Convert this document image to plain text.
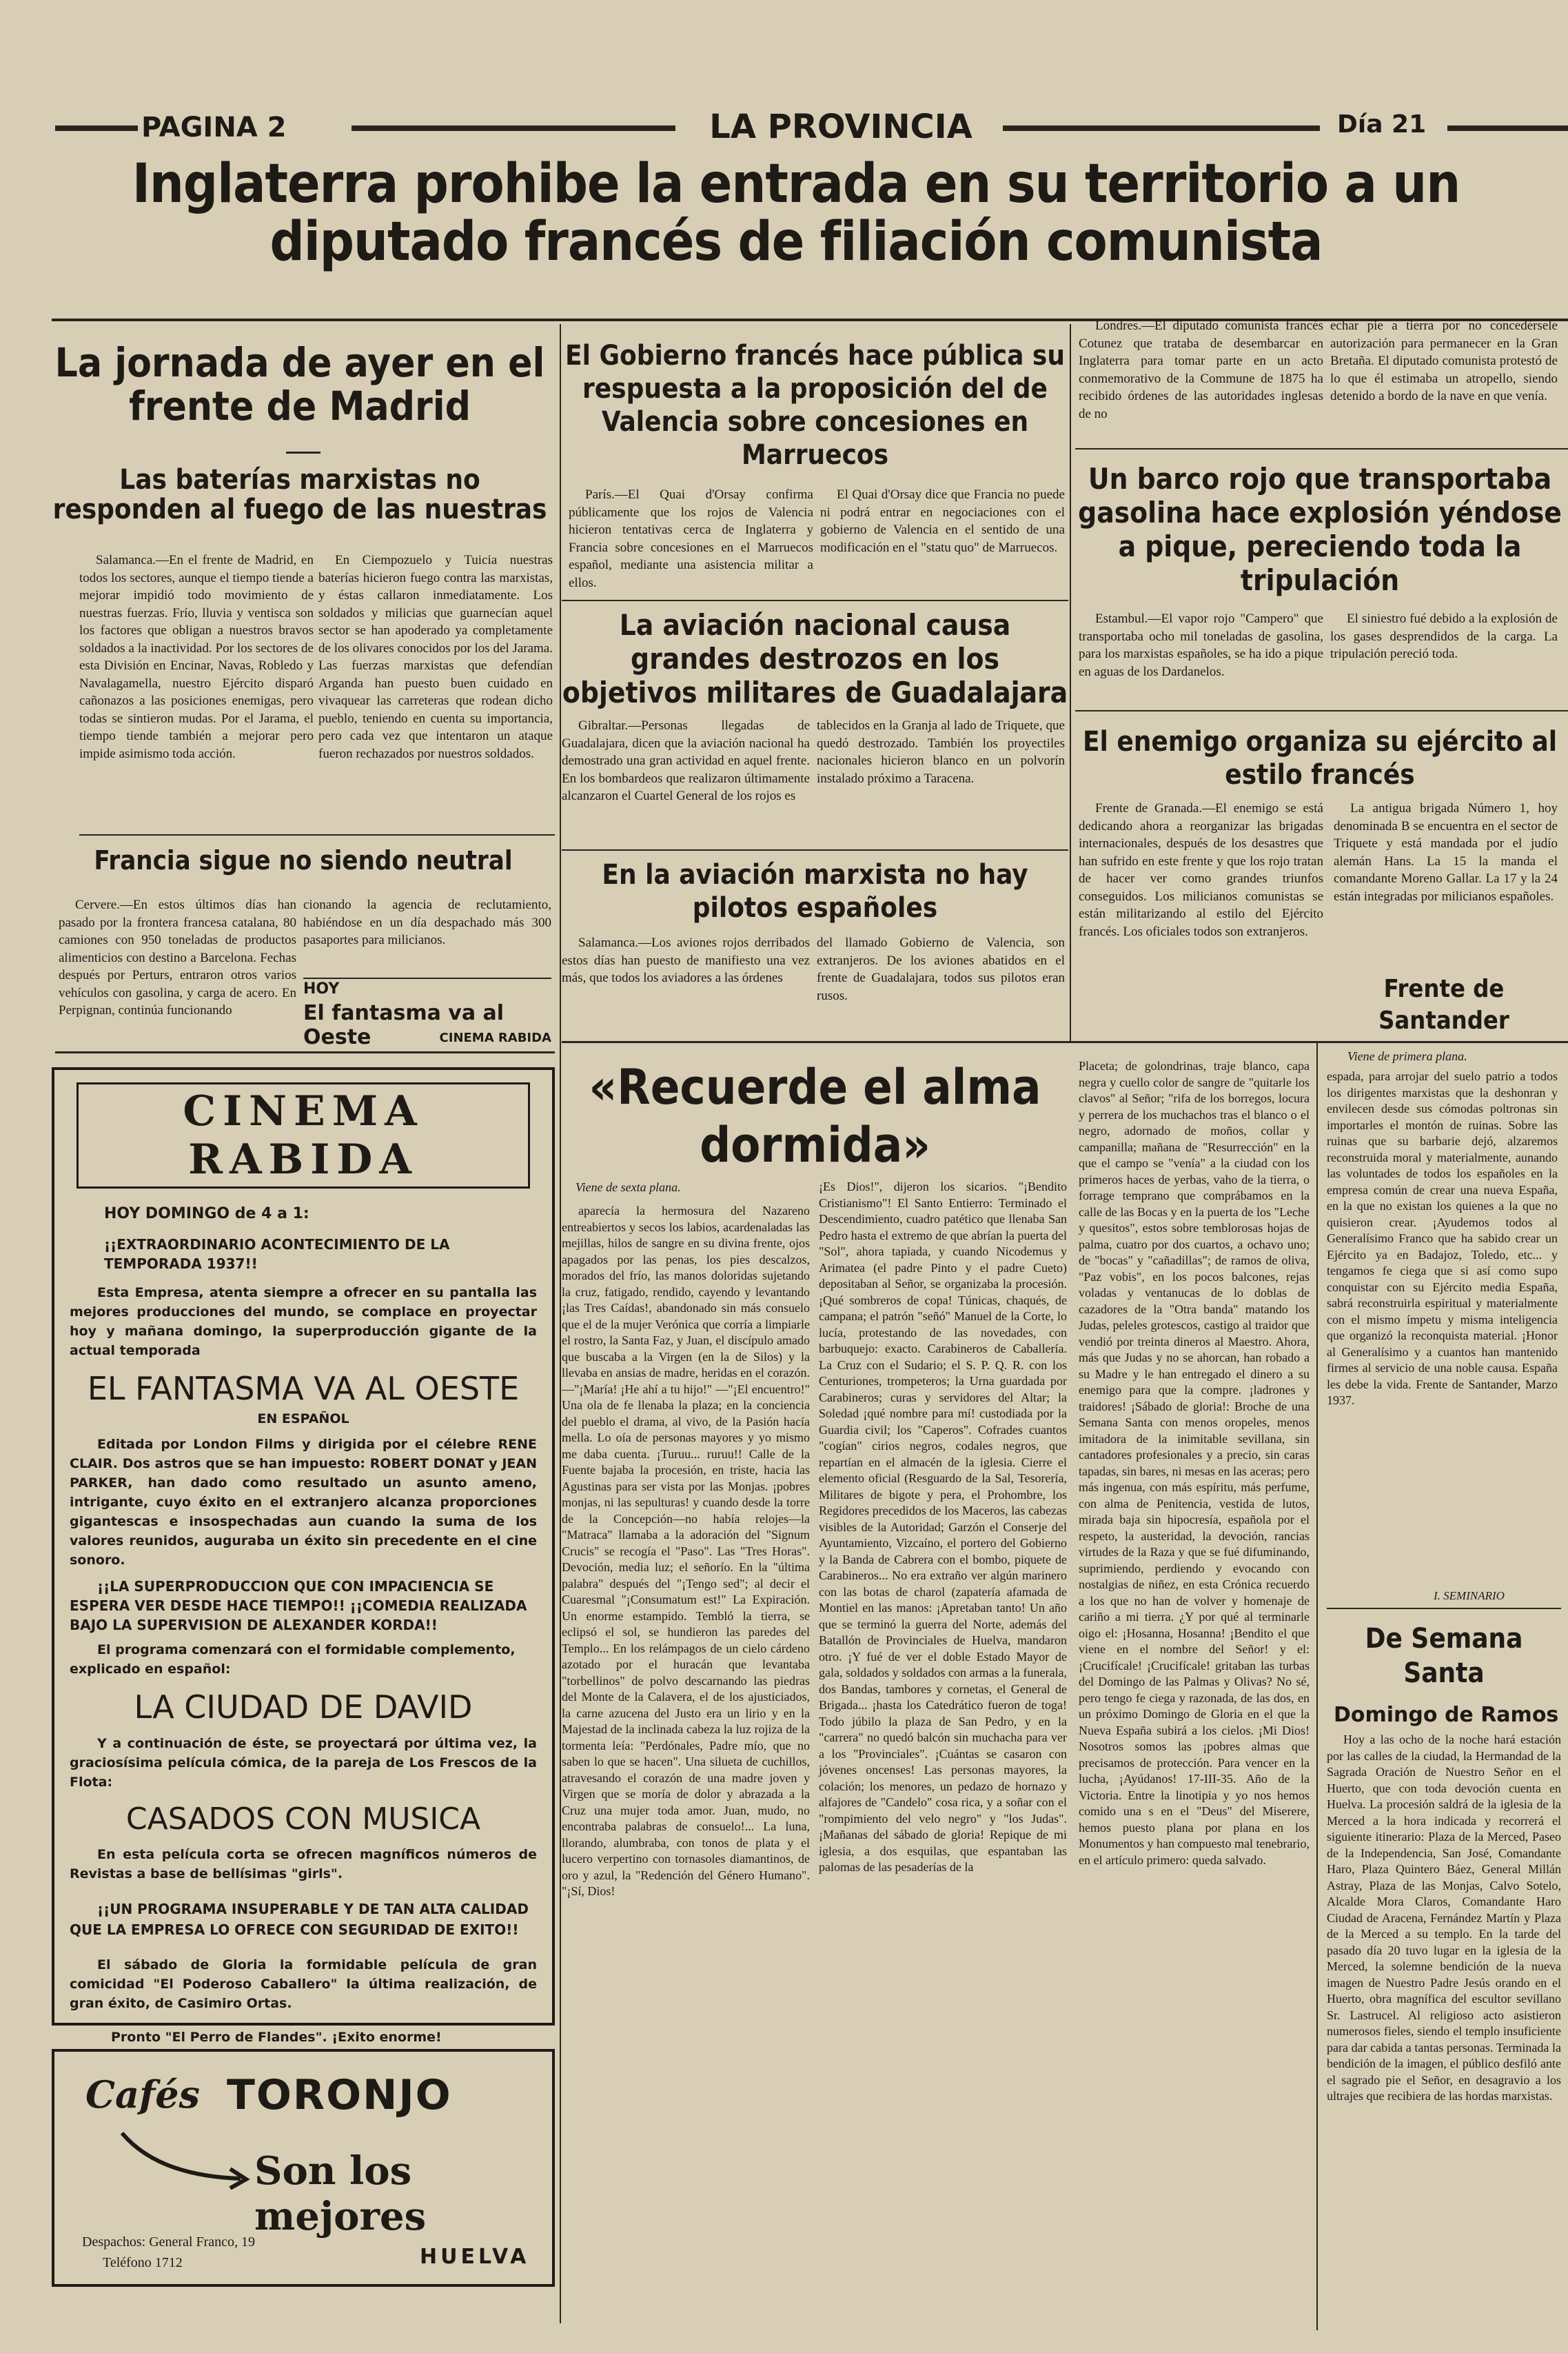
PAGINA 2	LA PROVINCIA	Día 21
Inglaterra prohibe la entrada en su territorio a un diputado francés de filiación comunista
La jornada de ayer en el frente de Madrid
Las baterías marxistas no responden al fuego de las nuestras
Salamanca.—En el frente de Madrid, en todos los sectores, aunque el tiempo tiende a mejorar impidió todo movimiento de nuestras fuerzas. Frío, lluvia y ventisca son los factores que obligan a nuestros bravos soldados a la inactividad. Por los sectores de esta División en Encinar, Navas, Robledo y Navalagamella, nuestro Ejército disparó cañonazos a las posiciones enemigas, pero todas se sintieron mudas. Por el Jarama, el tiempo tiende también a mejorar pero impide asimismo toda acción.
En Ciempozuelo y Tuicia nuestras baterías hicieron fuego contra las marxistas, y éstas callaron inmediatamente. Los soldados y milicias que guarnecían aquel sector se han apoderado ya completamente de los olivares conocidos por los del Jarama. Las fuerzas marxistas que defendían Arganda han puesto buen cuidado en vivaquear las carreteras que rodean dicho pueblo, teniendo en cuenta su importancia, pero cada vez que intentaron un ataque fueron rechazados por nuestros soldados.
Francia sigue no siendo neutral
Cervere.—En estos últimos días han pasado por la frontera francesa catalana, 80 camiones con 950 toneladas de productos alimenticios con destino a Barcelona. Fechas después por Perturs, entraron otros varios vehículos con gasolina, y carga de acero. En Perpignan, continúa funcionando
cionando la agencia de reclutamiento, habiéndose en un día despachado más 300 pasaportes para milicianos.
HOY
El fantasma va al Oeste	CINEMA RABIDA
CINEMA RABIDA

HOY DOMINGO de 4 a 1:

¡¡EXTRAORDINARIO ACONTECIMIENTO DE LA TEMPORADA 1937!!

Esta Empresa, atenta siempre a ofrecer en su pantalla las mejores producciones del mundo, se complace en proyectar hoy y mañana domingo, la superproducción gigante de la actual temporada

EL FANTASMA VA AL OESTE

EN ESPAÑOL

Editada por London Films y dirigida por el célebre RENE CLAIR. Dos astros que se han impuesto: ROBERT DONAT y JEAN PARKER, han dado como resultado un asunto ameno, intrigante, cuyo éxito en el extranjero alcanza proporciones gigantescas e insospechadas aun cuando la suma de los valores reunidos, auguraba un éxito sin precedente en el cine sonoro.

¡¡LA SUPERPRODUCCION QUE CON IMPACIENCIA SE ESPERA VER DESDE HACE TIEMPO!! ¡¡COMEDIA REALIZADA BAJO LA SUPERVISION DE ALEXANDER KORDA!!

El programa comenzará con el formidable complemento, explicado en español:

LA CIUDAD DE DAVID

Y a continuación de éste, se proyectará por última vez, la graciosísima película cómica, de la pareja de Los Frescos de la Flota:

CASADOS CON MUSICA

En esta película corta se ofrecen magníficos números de Revistas a base de bellísimas "girls".

¡¡UN PROGRAMA INSUPERABLE Y DE TAN ALTA CALIDAD QUE LA EMPRESA LO OFRECE CON SEGURIDAD DE EXITO!!

El sábado de Gloria la formidable película de gran comicidad "El Poderoso Caballero" la última realización, de gran éxito, de Casimiro Ortas.

Pronto "El Perro de Flandes". ¡Exito enorme!

Cafés TORONJO
Son los mejores
Despachos: General Franco, 19
Teléfono 1712	HUELVA
El Gobierno francés hace pública su respuesta a la proposición del de Valencia sobre concesiones en Marruecos
París.—El Quai d'Orsay confirma públicamente que los rojos de Valencia hicieron tentativas cerca de Inglaterra y Francia sobre concesiones en el Marruecos español, mediante una asistencia militar a ellos.
El Quai d'Orsay dice que Francia no puede ni podrá entrar en negociaciones con el gobierno de Valencia en el sentido de una modificación en el "statu quo" de Marruecos.
La aviación nacional causa grandes destrozos en los objetivos militares de Guadalajara
Gibraltar.—Personas llegadas de Guadalajara, dicen que la aviación nacional ha demostrado una gran actividad en aquel frente. En los bombardeos que realizaron últimamente alcanzaron el Cuartel General de los rojos es
tablecidos en la Granja al lado de Triquete, que quedó destrozado. También los proyectiles nacionales hicieron blanco en un polvorín instalado próximo a Taracena.
En la aviación marxista no hay pilotos españoles
Salamanca.—Los aviones rojos derribados estos días han puesto de manifiesto una vez más, que todos los aviadores a las órdenes
del llamado Gobierno de Valencia, son extranjeros. De los aviones abatidos en el frente de Guadalajara, todos sus pilotos eran rusos.
«Recuerde el alma dormida»
Viene de sexta plana.
aparecía la hermosura del Nazareno entreabiertos y secos los labios, acardenaladas las mejillas, hilos de sangre en su divina frente, ojos apagados por las penas, los pies descalzos, morados del frío, las manos doloridas sujetando la cruz, fatigado, rendido, cayendo y levantando ¡las Tres Caídas!, abandonado sin más consuelo que el de la mujer Verónica que corría a limpiarle el rostro, la Santa Faz, y Juan, el discípulo amado que buscaba a la Virgen (en la de Silos) y la llevaba en ansias de madre, heridas en el corazón. —"¡María! ¡He ahí a tu hijo!" —"¡El encuentro!" Una ola de fe llenaba la plaza; en la conciencia del pueblo el drama, al vivo, de la Pasión hacía mella. Lo oía de personas mayores y yo mismo me daba cuenta. ¡Turuu... ruruu!! Calle de la Fuente bajaba la procesión, en triste, hacia las Agustinas para ser vista por las Monjas. ¡pobres monjas, ni las sepulturas! y cuando desde la torre de la Concepción—no había relojes—la "Matraca" llamaba a la adoración del "Signum Crucis" se recogía el "Paso". Las "Tres Horas". Devoción, media luz; el señorío. En la "última palabra" después del "¡Tengo sed"; al decir el Cuaresmal "¡Consumatum est!" La Expiración. Un enorme estampido. Tembló la tierra, se eclipsó el sol, se hundieron las paredes del Templo... En los relámpagos de un cielo cárdeno azotado por el huracán que levantaba "torbellinos" de polvo descarnando las piedras del Monte de la Calavera, el de los ajusticiados, la carne azucena del Justo era un lirio y en la Majestad de la inclinada cabeza la luz rojiza de la tormenta leía: "Perdónales, Padre mío, que no saben lo que se hacen". Una silueta de cuchillos, atravesando el corazón de una madre joven y Virgen que se moría de dolor y abrazada a la Cruz una mujer toda amor. Juan, mudo, no encontraba palabras de consuelo!... La luna, llorando, alumbraba, con tonos de plata y el lucero verpertino con tornasoles diamantinos, de oro y azul, la "Redención del Género Humano". "¡Sí, Dios!
¡Es Dios!", dijeron los sicarios. "¡Bendito Cristianismo"! El Santo Entierro: Terminado el Descendimiento, cuadro patético que llenaba San Pedro hasta el extremo de que abrían la puerta del "Sol", ahora tapiada, y cuando Nicodemus y Arimatea (el padre Pinto y el padre Cueto) depositaban al Señor, se organizaba la procesión. ¡Qué sombreros de copa! Túnicas, chaqués, de campana; el patrón "señó" Manuel de la Corte, lo lucía, protestando de las novedades, con barbuquejo: exacto. Carabineros de Caballería. La Cruz con el Sudario; el S. P. Q. R. con los Centuriones, trompeteros; la Urna guardada por Carabineros; curas y servidores del Altar; la Soledad ¡qué nombre para mí! custodiada por la Guardia civil; los "Caperos". Cofrades cuantos "cogían" cirios negros, codales negros, que repartían en el almacén de la iglesia. Cierre el elemento oficial (Resguardo de la Sal, Tesorería, Militares de bigote y pera, el Prohombre, los Regidores precedidos de los Maceros, las cabezas visibles de la Autoridad; Garzón el Conserje del Ayuntamiento, Vizcaíno, el portero del Gobierno y la Banda de Cabrera con el bombo, piquete de Carabineros... No era extraño ver algún marinero con las botas de charol (zapatería afamada de Montiel en las manos: ¡Apretaban tanto! Un año que se terminó la guerra del Norte, además del Batallón de Provinciales de Huelva, mandaron otro. ¡Y fué de ver el doble Estado Mayor de gala, soldados y soldados con armas a la funerala, dos Bandas, tambores y cornetas, el General de Brigada... ¡hasta los Catedrático fueron de toga! Todo júbilo la plaza de San Pedro, y en la "carrera" no quedó balcón sin muchacha para ver a los "Provinciales". ¡Cuántas se casaron con jóvenes oncenses! Las personas mayores, la colación; los menores, un pedazo de hornazo y alfajores de "Candelo" cosa rica, y a soñar con el "rompimiento del velo negro" y "los Judas". ¡Mañanas del sábado de gloria! Repique de mi iglesia, a dos esquilas, que espantaban las palomas de las pesaderías de la
Londres.—El diputado comunista francés Cotunez que trataba de desembarcar en Inglaterra para tomar parte en un acto conmemorativo de la Commune de 1875 ha recibido órdenes de las autoridades inglesas de no
echar pie a tierra por no concedérsele autorización para permanecer en la Gran Bretaña. El diputado comunista protestó de lo que él estimaba un atropello, siendo detenido a bordo de la nave en que venía.
Un barco rojo que transportaba gasolina hace explosión yéndose a pique, pereciendo toda la tripulación
Estambul.—El vapor rojo "Campero" que transportaba ocho mil toneladas de gasolina, para los marxistas españoles, se ha ido a pique en aguas de los Dardanelos.
El siniestro fué debido a la explosión de los gases desprendidos de la carga. La tripulación pereció toda.
El enemigo organiza su ejército al estilo francés
Frente de Granada.—El enemigo se está dedicando ahora a reorganizar las brigadas internacionales, después de los desastres que han sufrido en este frente y que los rojo tratan de hacer ver como grandes triunfos conseguidos. Los milicianos comunistas se están militarizando al estilo del Ejército francés. Los oficiales todos son extranjeros.
La antigua brigada Número 1, hoy denominada B se encuentra en el sector de Triquete y está mandada por el judío alemán Hans. La 15 la manda el comandante Moreno Gallar. La 17 y la 24 están integradas por milicianos españoles.
Placeta; de golondrinas, traje blanco, capa negra y cuello color de sangre de "quitarle los clavos" al Señor; "rifa de los borregos, locura y perrera de los muchachos tras el blanco o el negro, adornado de moños, collar y campanilla; mañana de "Resurrección" en la que el campo se "venía" a la ciudad con los primeros haces de yerbas, vaho de la tierra, o forrage temprano que comprábamos en la calle de las Bocas y en la puerta de los "Leche y quesitos", estos sobre temblorosas hojas de palma, cuatro por dos cuartos, a ochavo uno; de "bocas" y "cañadillas"; de ramos de oliva, "Paz vobis", en los pocos balcones, rejas voladas y ventanucas de lo doblas de cazadores de la "Otra banda" matando los Judas, peleles grotescos, castigo al traidor que vendió por treinta dineros al Maestro. Ahora, más que Judas y no se ahorcan, han robado a su Madre y le han entregado el dinero a su enemigo para que la compre. ¡ladrones y traidores! ¡Sábado de gloria!: Broche de una Semana Santa con menos oropeles, menos imitadora de la inimitable sevillana, sin cantadores profesionales y a precio, sin caras tapadas, sin bares, ni mesas en las aceras; pero más ingenua, con más espíritu, más perfume, con alma de Penitencia, vestida de lutos, mirada baja sin hipocresía, española por el respeto, la austeridad, la devoción, rancias virtudes de la Raza y que se fué difuminando, suprimiendo, perdiendo y evocando con nostalgias de niñez, en esta Crónica recuerdo a los que no han de volver y homenaje de cariño a mi tierra. ¿Y por qué al terminarle oigo el: ¡Hosanna, Hosanna! ¡Bendito el que viene en el nombre del Señor! y el: ¡Crucifícale! ¡Crucifícale! gritaban las turbas del Domingo de las Palmas y Olivas? No sé, pero tengo fe ciega y razonada, de las dos, en un próximo Domingo de Gloria en el que la Nueva España subirá a los cielos. ¡Mi Dios! Nosotros somos las ¡pobres almas que precisamos de protección. Para vencer en la lucha, ¡Ayúdanos! 17-III-35. Año de la Victoria. Entre la linotipia y yo nos hemos comido una s en el "Deus" del Miserere, hemos puesto plana por plana en los Monumentos y han compuesto mal tenebrario, en el artículo primero: queda salvado.
Frente de Santander
Viene de primera plana.
espada, para arrojar del suelo patrio a todos los dirigentes marxistas que la deshonran y envilecen desde sus cómodas poltronas sin importarles el montón de ruinas. Sobre las ruinas que su barbarie dejó, alzaremos reconstruida moral y materialmente, aunando las voluntades de todos los españoles en la empresa común de crear una nueva España, en la que no existan los quienes a la que no quisieron crear. ¡Ayudemos todos al Generalísimo Franco que ha sabido crear un Ejército ya en Badajoz, Toledo, etc... y tengamos fe ciega que si así como supo conquistar con su Ejército media España, sabrá reconstruirla espiritual y materialmente con el mismo ímpetu y misma inteligencia que organizó la reconquista material. ¡Honor al Generalísimo y a cuantos han mantenido firmes al servicio de una noble causa. España les debe la vida. Frente de Santander, Marzo 1937.
I. SEMINARIO
De Semana Santa
Domingo de Ramos
Hoy a las ocho de la noche hará estación por las calles de la ciudad, la Hermandad de la Sagrada Oración de Nuestro Señor en el Huerto, que con toda devoción cuenta en Huelva. La procesión saldrá de la iglesia de la Merced a la hora indicada y recorrerá el siguiente itinerario: Plaza de la Merced, Paseo de la Independencia, San José, Comandante Haro, Plaza Quintero Báez, General Millán Astray, Plaza de las Monjas, Calvo Sotelo, Alcalde Mora Claros, Comandante Haro Ciudad de Aracena, Fernández Martín y Plaza de la Merced a su templo. En la tarde del pasado día 20 tuvo lugar en la iglesia de la Merced, la solemne bendición de la nueva imagen de Nuestro Padre Jesús orando en el Huerto, obra magnífica del escultor sevillano Sr. Lastrucel. Al religioso acto asistieron numerosos fieles, siendo el templo insuficiente para dar cabida a tantas personas. Terminada la bendición de la imagen, el público desfiló ante el sagrado pie el Señor, en desagravio a los ultrajes que recibiera de las hordas marxistas.
